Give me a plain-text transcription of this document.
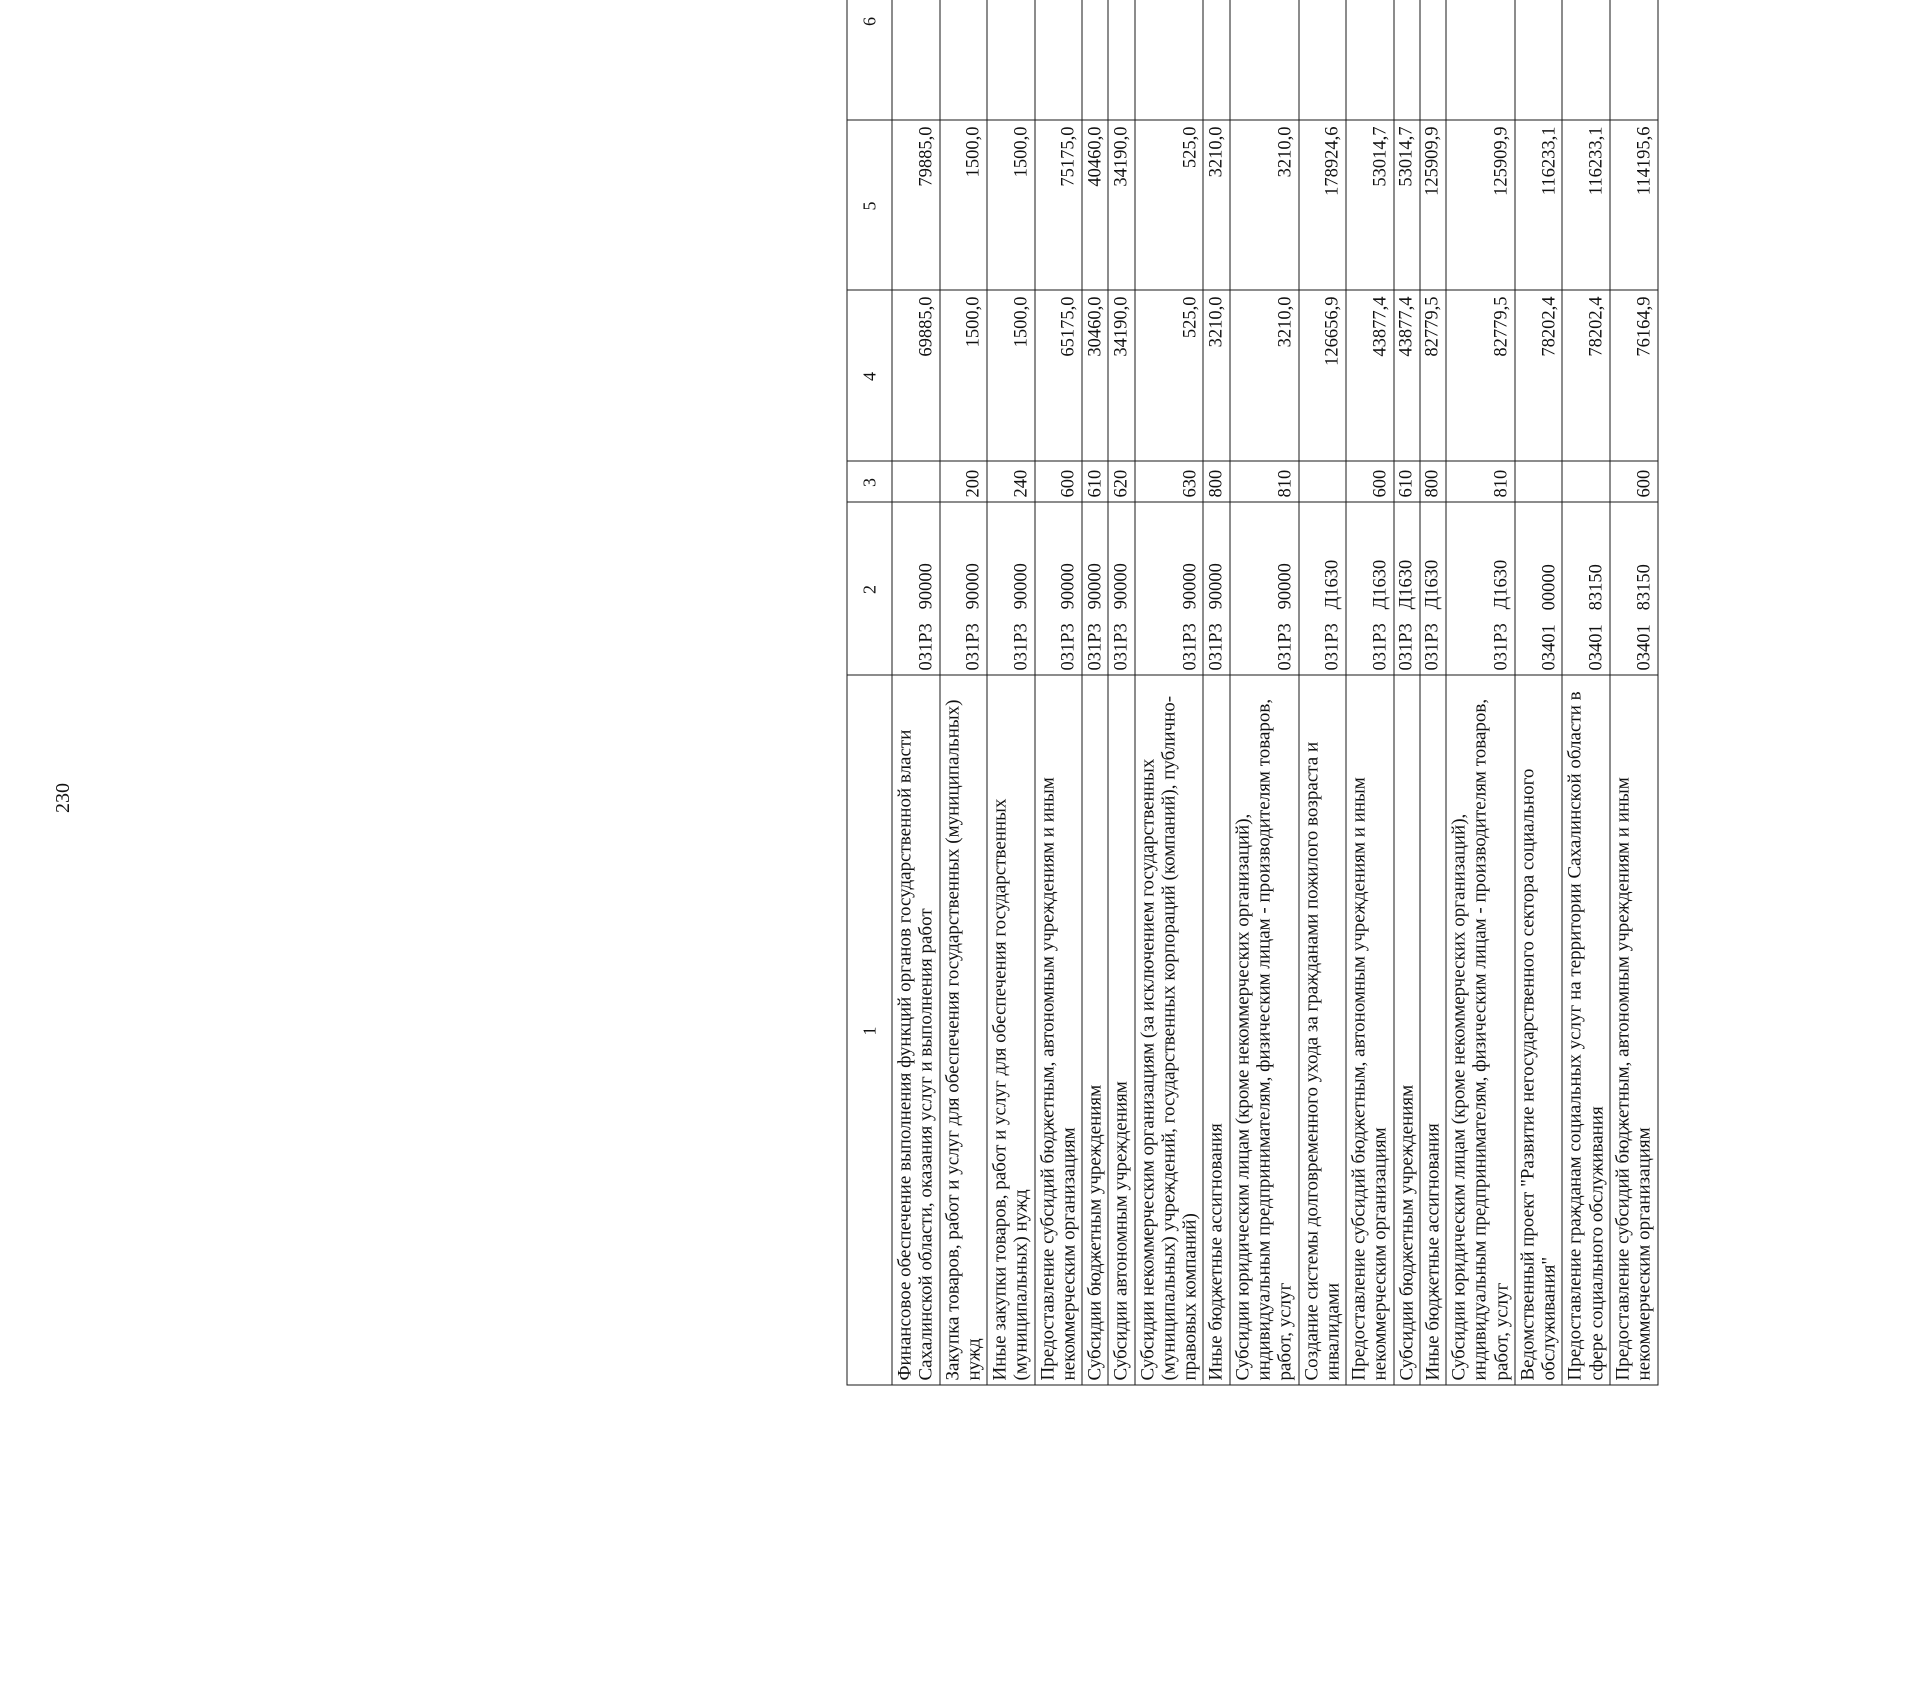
230
1	2	3	4	5	6
Финансовое обеспечение выполнения функций органов государственной власти Сахалинской области, оказания услуг и выполнения работ	031Р3   90000		69885,0	79885,0	
Закупка товаров, работ и услуг для обеспечения государственных (муниципальных) нужд	031Р3   90000	200	1500,0	1500,0	
Иные закупки товаров, работ и услуг для обеспечения государственных (муниципальных) нужд	031Р3   90000	240	1500,0	1500,0	
Предоставление субсидий бюджетным, автономным учреждениям и иным некоммерческим организациям	031Р3   90000	600	65175,0	75175,0	
Субсидии бюджетным учреждениям	031Р3   90000	610	30460,0	40460,0	
Субсидии автономным учреждениям	031Р3   90000	620	34190,0	34190,0	
Субсидии некоммерческим организациям (за исключением государственных (муниципальных) учреждений, государственных корпораций (компаний), публично-правовых компаний)	031Р3   90000	630	525,0	525,0	
Иные бюджетные ассигнования	031Р3   90000	800	3210,0	3210,0	
Субсидии юридическим лицам (кроме некоммерческих организаций), индивидуальным предпринимателям, физическим лицам - производителям товаров, работ, услуг	031Р3   90000	810	3210,0	3210,0	
Создание системы долговременного ухода за гражданами пожилого возраста и инвалидами	031Р3   Д1630		126656,9	178924,6	
Предоставление субсидий бюджетным, автономным учреждениям и иным некоммерческим организациям	031Р3   Д1630	600	43877,4	53014,7	
Субсидии бюджетным учреждениям	031Р3   Д1630	610	43877,4	53014,7	
Иные бюджетные ассигнования	031Р3   Д1630	800	82779,5	125909,9	
Субсидии юридическим лицам (кроме некоммерческих организаций), индивидуальным предпринимателям, физическим лицам - производителям товаров, работ, услуг	031Р3   Д1630	810	82779,5	125909,9	
Ведомственный проект "Развитие негосударственного сектора социального обслуживания"	03401   00000		78202,4	116233,1	
Предоставление гражданам социальных услуг на территории Сахалинской области в сфере социального обслуживания	03401   83150		78202,4	116233,1	
Предоставление субсидий бюджетным, автономным учреждениям и иным некоммерческим организациям	03401   83150	600	76164,9	114195,6	
